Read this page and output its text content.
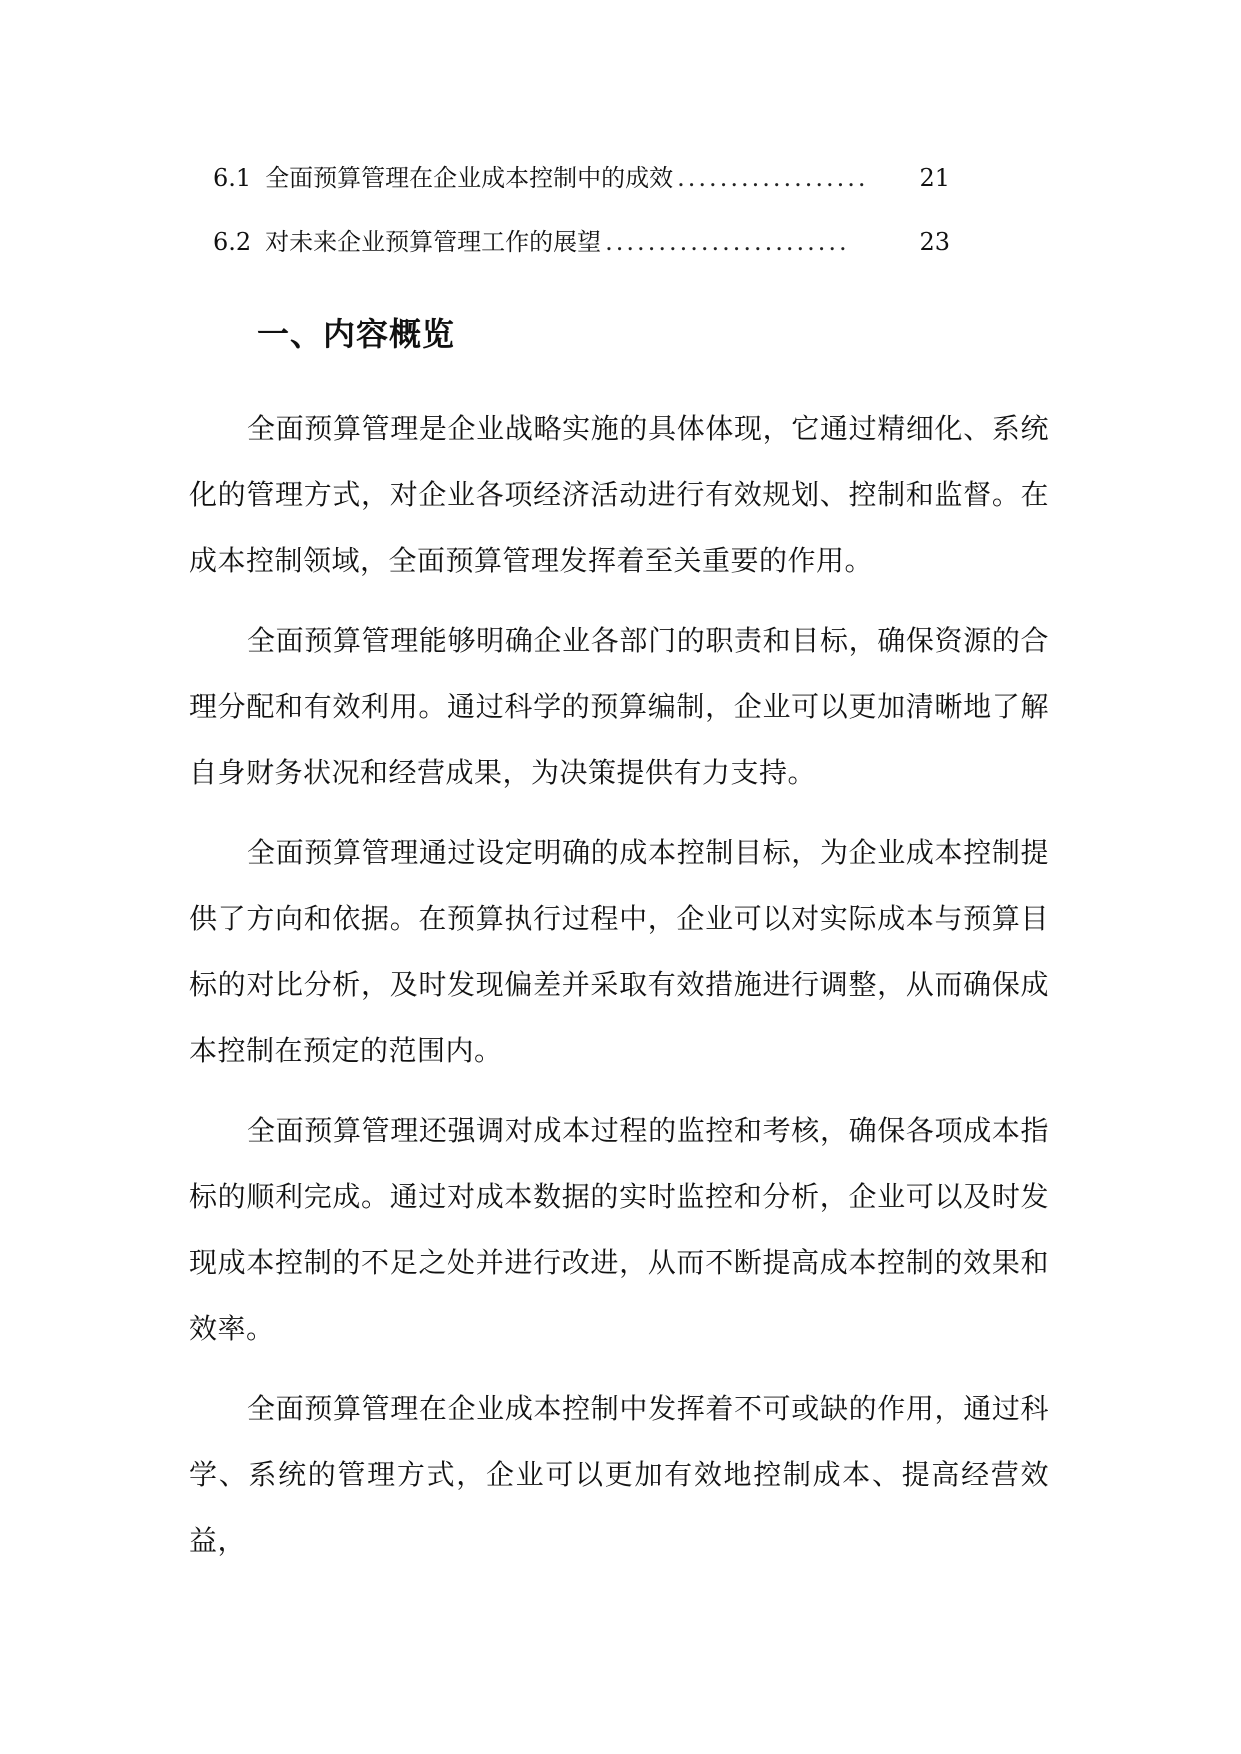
6.1 全面预算管理在企业成本控制中的成效 ..................	21
6.2 对未来企业预算管理工作的展望 .......................	23
一、内容概览

全面预算管理是企业战略实施的具体体现，它通过精细化、系统化的管理方式，对企业各项经济活动进行有效规划、控制和监督。在成本控制领域，全面预算管理发挥着至关重要的作用。

全面预算管理能够明确企业各部门的职责和目标，确保资源的合理分配和有效利用。通过科学的预算编制，企业可以更加清晰地了解自身财务状况和经营成果，为决策提供有力支持。

全面预算管理通过设定明确的成本控制目标，为企业成本控制提供了方向和依据。在预算执行过程中，企业可以对实际成本与预算目标的对比分析，及时发现偏差并采取有效措施进行调整，从而确保成本控制在预定的范围内。

全面预算管理还强调对成本过程的监控和考核，确保各项成本指标的顺利完成。通过对成本数据的实时监控和分析，企业可以及时发现成本控制的不足之处并进行改进，从而不断提高成本控制的效果和效率。

全面预算管理在企业成本控制中发挥着不可或缺的作用，通过科学、系统的管理方式，企业可以更加有效地控制成本、提高经营效益，
